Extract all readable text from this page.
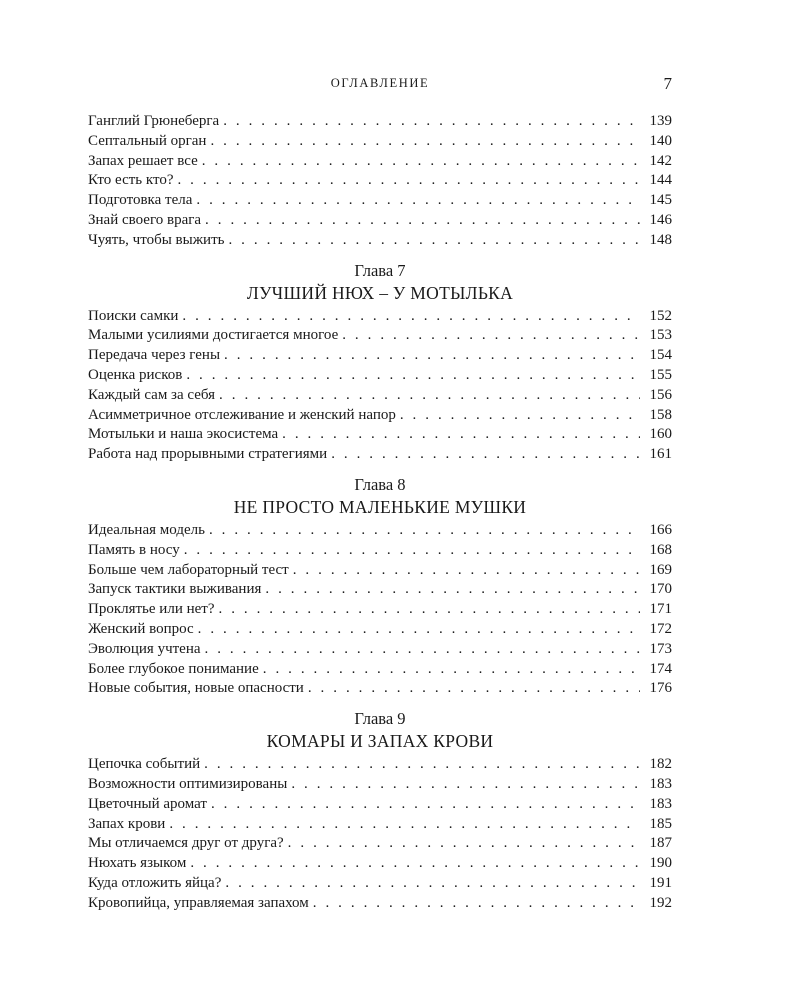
ОГЛАВЛЕНИЕ	7
Ганглий Грюнеберга . . .	139
Септальный орган . . .	140
Запах решает все . . .	142
Кто есть кто? . . .	144
Подготовка тела . . .	145
Знай своего врага . . .	146
Чуять, чтобы выжить . . .	148
Глава 7
ЛУЧШИЙ НЮХ – У МОТЫЛЬКА
Поиски самки . . .	152
Малыми усилиями достигается многое . . .	153
Передача через гены . . .	154
Оценка рисков . . .	155
Каждый сам за себя . . .	156
Асимметричное отслеживание и женский напор . . .	158
Мотыльки и наша экосистема . . .	160
Работа над прорывными стратегиями . . .	161
Глава 8
НЕ ПРОСТО МАЛЕНЬКИЕ МУШКИ
Идеальная модель . . .	166
Память в носу . . .	168
Больше чем лабораторный тест . . .	169
Запуск тактики выживания . . .	170
Проклятье или нет? . . .	171
Женский вопрос . . .	172
Эволюция учтена . . .	173
Более глубокое понимание . . .	174
Новые события, новые опасности . . .	176
Глава 9
КОМАРЫ И ЗАПАХ КРОВИ
Цепочка событий . . .	182
Возможности оптимизированы . . .	183
Цветочный аромат . . .	183
Запах крови . . .	185
Мы отличаемся друг от друга? . . .	187
Нюхать языком . . .	190
Куда отложить яйца? . . .	191
Кровопийца, управляемая запахом . . .	192
